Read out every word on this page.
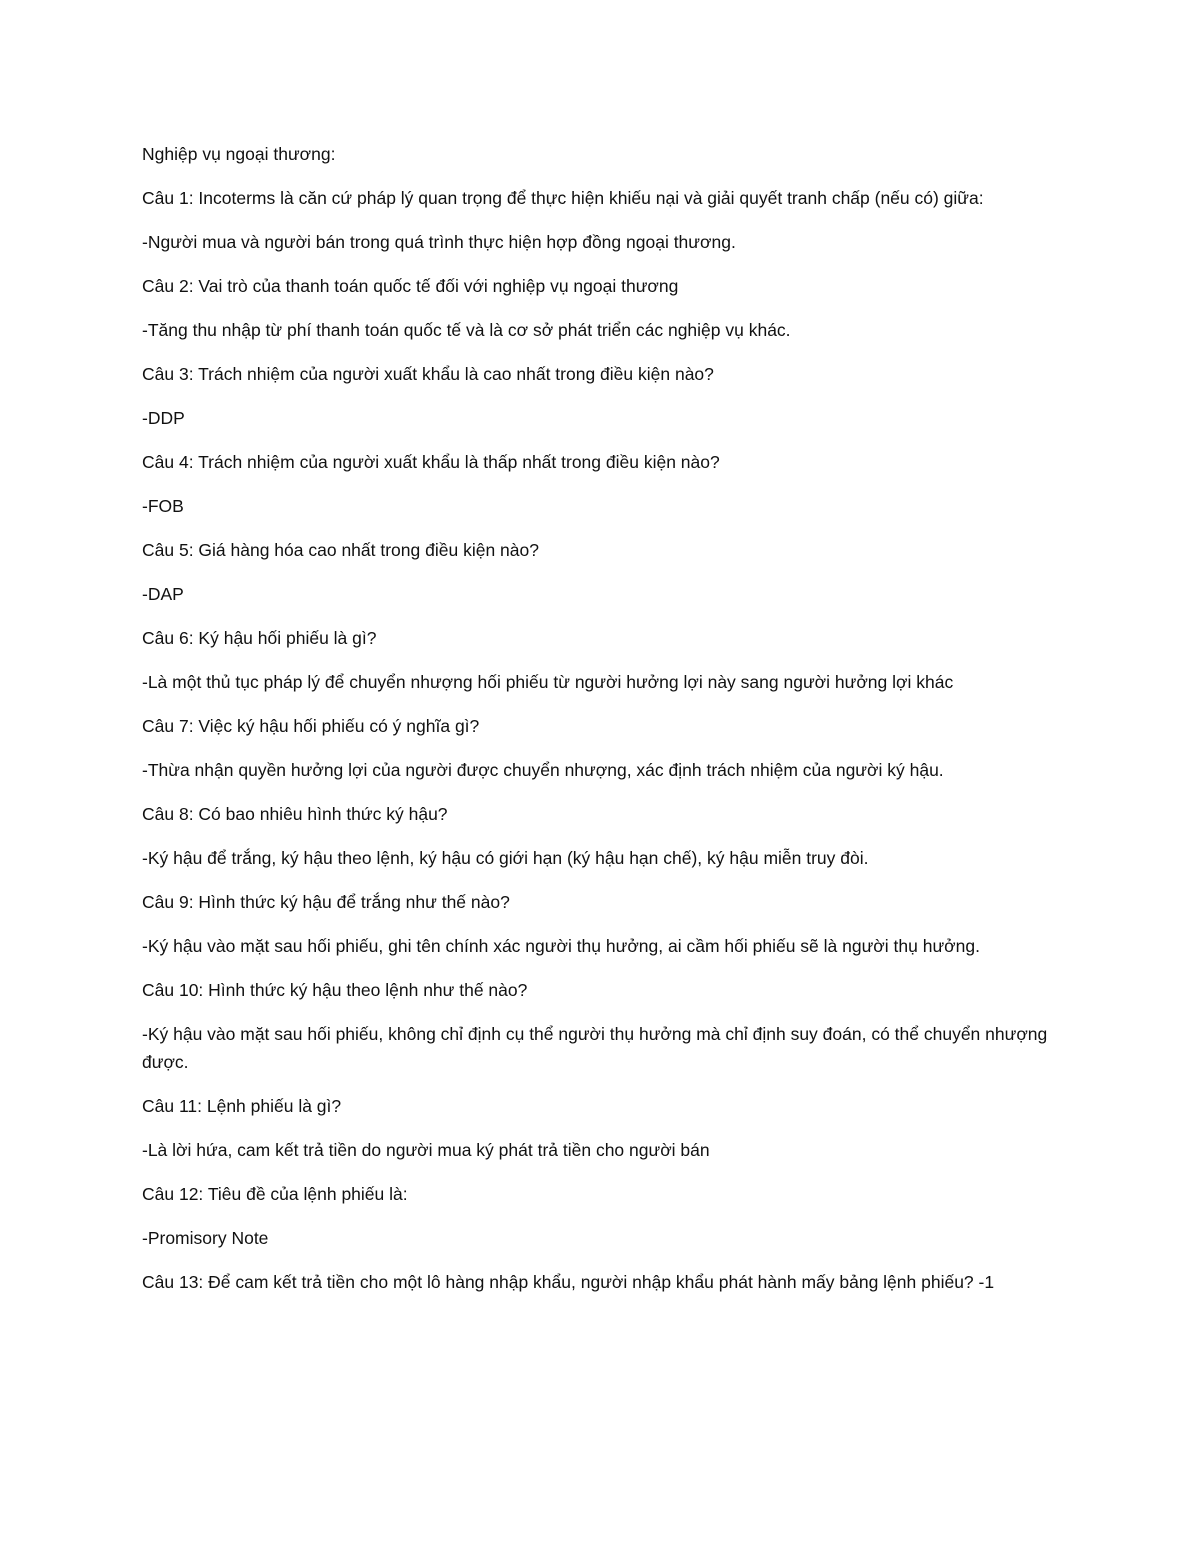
Nghiệp vụ ngoại thương:

Câu 1: Incoterms là căn cứ pháp lý quan trọng để thực hiện khiếu nại và giải quyết tranh chấp (nếu có) giữa:

-Người mua và người bán trong quá trình thực hiện hợp đồng ngoại thương.

Câu 2: Vai trò của thanh toán quốc tế đối với nghiệp vụ ngoại thương

-Tăng thu nhập từ phí thanh toán quốc tế và là cơ sở phát triển các nghiệp vụ khác.

Câu 3: Trách nhiệm của người xuất khẩu là cao nhất trong điều kiện nào?

-DDP

Câu 4: Trách nhiệm của người xuất khẩu là thấp nhất trong điều kiện nào?

-FOB

Câu 5: Giá hàng hóa cao nhất trong điều kiện nào?

-DAP

Câu 6: Ký hậu hối phiếu là gì?

-Là một thủ tục pháp lý để chuyển nhượng hối phiếu từ người hưởng lợi này sang người hưởng lợi khác

Câu 7: Việc ký hậu hối phiếu có ý nghĩa gì?

-Thừa nhận quyền hưởng lợi của người được chuyển nhượng, xác định trách nhiệm của người ký hậu.

Câu 8: Có bao nhiêu hình thức ký hậu?

-Ký hậu để trắng, ký hậu theo lệnh, ký hậu có giới hạn (ký hậu hạn chế), ký hậu miễn truy đòi.

Câu 9: Hình thức ký hậu để trắng như thế nào?

-Ký hậu vào mặt sau hối phiếu, ghi tên chính xác người thụ hưởng, ai cầm hối phiếu sẽ là người thụ hưởng.

Câu 10: Hình thức ký hậu theo lệnh như thế nào?

-Ký hậu vào mặt sau hối phiếu, không chỉ định cụ thể người thụ hưởng mà chỉ định suy đoán, có thể chuyển nhượng được.

Câu 11: Lệnh phiếu là gì?

-Là lời hứa, cam kết trả tiền do người mua ký phát trả tiền cho người bán

Câu 12: Tiêu đề của lệnh phiếu là:

-Promisory Note

Câu 13: Để cam kết trả tiền cho một lô hàng nhập khẩu, người nhập khẩu phát hành mấy bảng lệnh phiếu? -1
